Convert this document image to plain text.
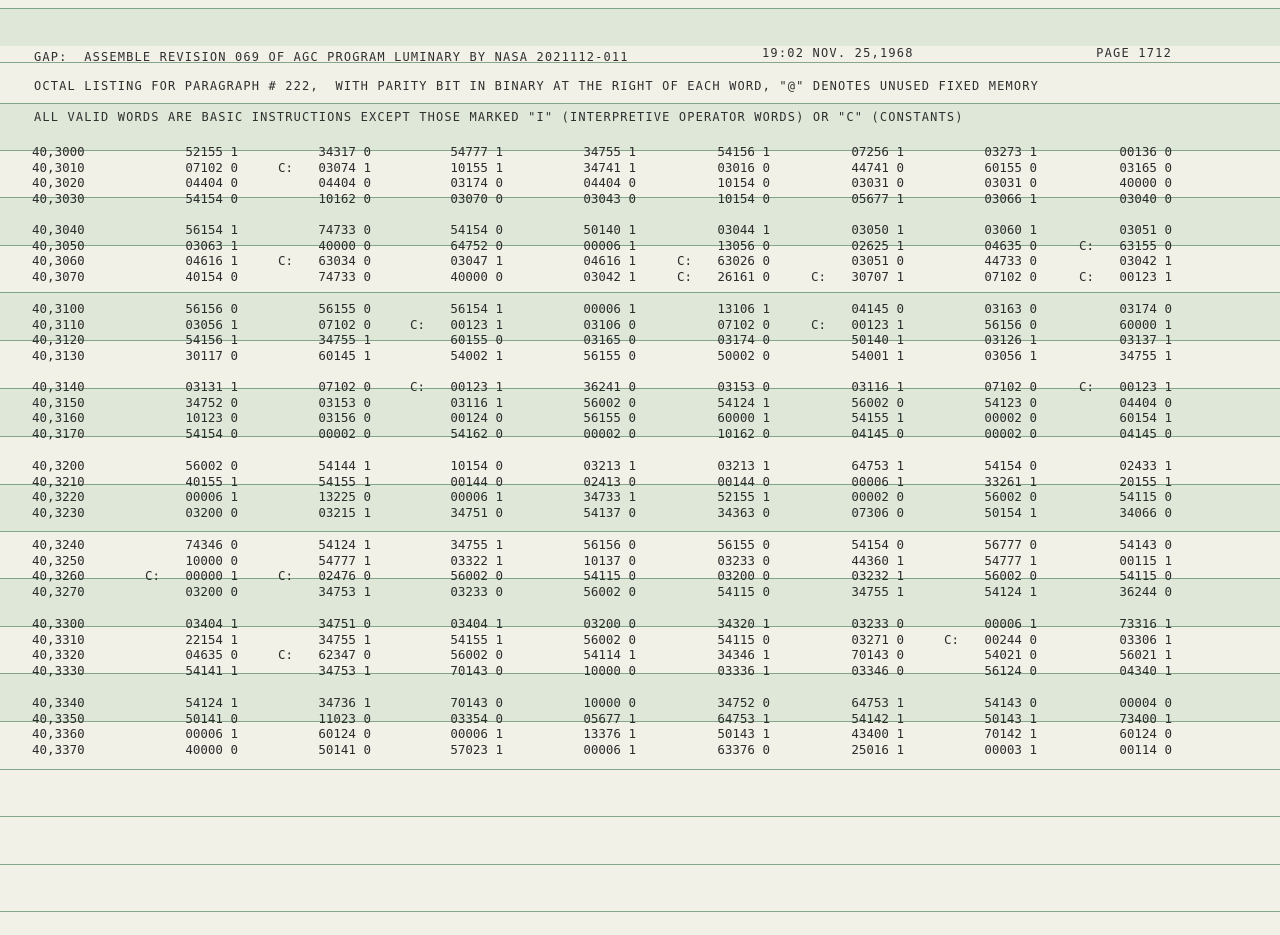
GAP:  ASSEMBLE REVISION 069 OF AGC PROGRAM LUMINARY BY NASA 2021112-011	19:02 NOV. 25,1968	PAGE 1712
OCTAL LISTING FOR PARAGRAPH # 222,  WITH PARITY BIT IN BINARY AT THE RIGHT OF EACH WORD, "@" DENOTES UNUSED FIXED MEMORY
ALL VALID WORDS ARE BASIC INSTRUCTIONS EXCEPT THOSE MARKED "I" (INTERPRETIVE OPERATOR WORDS) OR "C" (CONSTANTS)
40,3000	52155 1	34317 0	54777 1	34755 1	54156 1	07256 1	03273 1	00136 0
40,3010	07102 0	C: 03074 1	10155 1	34741 1	03016 0	44741 0	60155 0	03165 0
40,3020	04404 0	04404 0	03174 0	04404 0	10154 0	03031 0	03031 0	40000 0
40,3030	54154 0	10162 0	03070 0	03043 0	10154 0	05677 1	03066 1	03040 0
40,3040	56154 1	74733 0	54154 0	50140 1	03044 1	03050 1	03060 1	03051 0
40,3050	03063 1	40000 0	64752 0	00006 1	13056 0	02625 1	04635 0	C: 63155 0
40,3060	04616 1	C: 63034 0	03047 1	04616 1	C: 63026 0	03051 0	44733 0	03042 1
40,3070	40154 0	74733 0	40000 0	03042 1	C: 26161 0	C: 30707 1	07102 0	C: 00123 1
40,3100	56156 0	56155 0	56154 1	00006 1	13106 1	04145 0	03163 0	03174 0
40,3110	03056 1	07102 0	C: 00123 1	03106 0	07102 0	C: 00123 1	56156 0	60000 1
40,3120	54156 1	34755 1	60155 0	03165 0	03174 0	50140 1	03126 1	03137 1
40,3130	30117 0	60145 1	54002 1	56155 0	50002 0	54001 1	03056 1	34755 1
40,3140	03131 1	07102 0	C: 00123 1	36241 0	03153 0	03116 1	07102 0	C: 00123 1
40,3150	34752 0	03153 0	03116 1	56002 0	54124 1	56002 0	54123 0	04404 0
40,3160	10123 0	03156 0	00124 0	56155 0	60000 1	54155 1	00002 0	60154 1
40,3170	54154 0	00002 0	54162 0	00002 0	10162 0	04145 0	00002 0	04145 0
40,3200	56002 0	54144 1	10154 0	03213 1	03213 1	64753 1	54154 0	02433 1
40,3210	40155 1	54155 1	00144 0	02413 0	00144 0	00006 1	33261 1	20155 1
40,3220	00006 1	13225 0	00006 1	34733 1	52155 1	00002 0	56002 0	54115 0
40,3230	03200 0	03215 1	34751 0	54137 0	34363 0	07306 0	50154 1	34066 0
40,3240	74346 0	54124 1	34755 1	56156 0	56155 0	54154 0	56777 0	54143 0
40,3250	10000 0	54777 1	03322 1	10137 0	03233 0	44360 1	54777 1	00115 1
40,3260	C: 00000 1	C: 02476 0	56002 0	54115 0	03200 0	03232 1	56002 0	54115 0
40,3270	03200 0	34753 1	03233 0	56002 0	54115 0	34755 1	54124 1	36244 0
40,3300	03404 1	34751 0	03404 1	03200 0	34320 1	03233 0	00006 1	73316 1
40,3310	22154 1	34755 1	54155 1	56002 0	54115 0	03271 0	C: 00244 0	03306 1
40,3320	04635 0	C: 62347 0	56002 0	54114 1	34346 1	70143 0	54021 0	56021 1
40,3330	54141 1	34753 1	70143 0	10000 0	03336 1	03346 0	56124 0	04340 1
40,3340	54124 1	34736 1	70143 0	10000 0	34752 0	64753 1	54143 0	00004 0
40,3350	50141 0	11023 0	03354 0	05677 1	64753 1	54142 1	50143 1	73400 1
40,3360	00006 1	60124 0	00006 1	13376 1	50143 1	43400 1	70142 1	60124 0
40,3370	40000 0	50141 0	57023 1	00006 1	63376 0	25016 1	00003 1	00114 0
